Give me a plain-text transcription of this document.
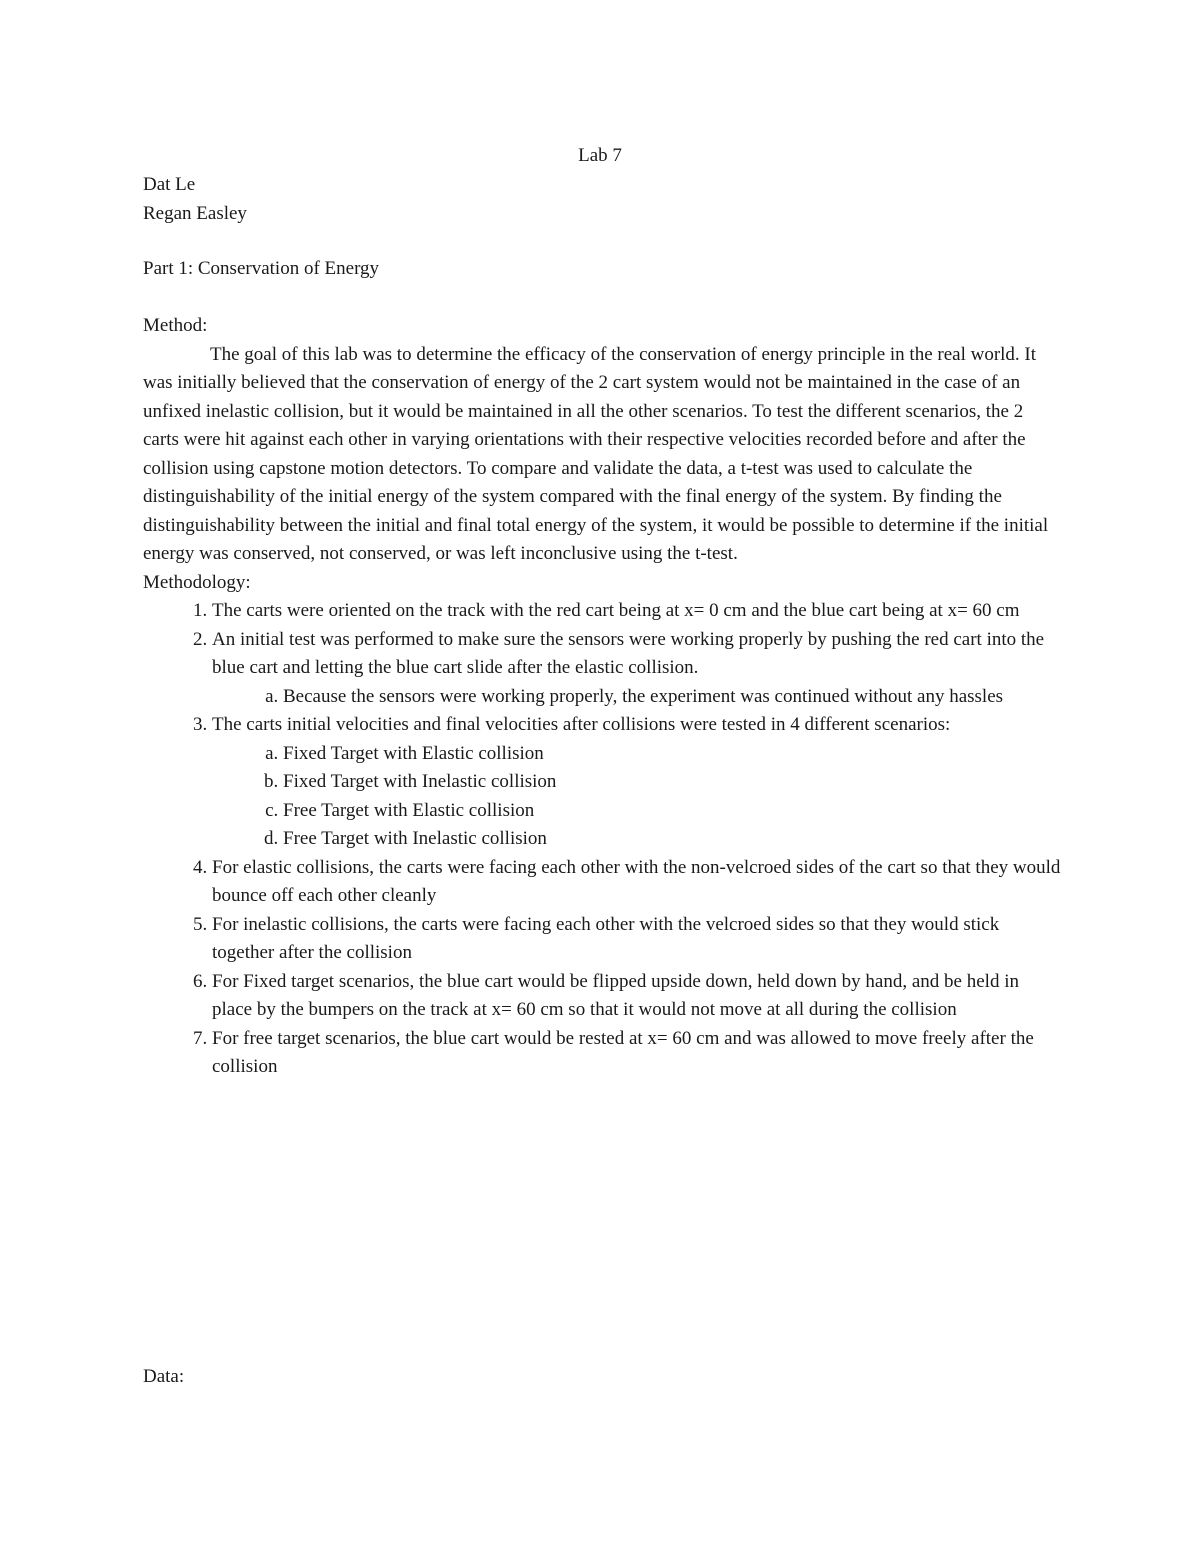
Lab 7
Dat Le
Regan Easley
Part 1: Conservation of Energy

Method:

The goal of this lab was to determine the efficacy of the conservation of energy principle in the real world. It was initially believed that the conservation of energy of the 2 cart system would not be maintained in the case of an unfixed inelastic collision, but it would be maintained in all the other scenarios. To test the different scenarios, the 2 carts were hit against each other in varying orientations with their respective velocities recorded before and after the collision using capstone motion detectors. To compare and validate the data, a t-test was used to calculate the distinguishability of the initial energy of the system compared with the final energy of the system. By finding the distinguishability between the initial and final total energy of the system, it would be possible to determine if the initial energy was conserved, not conserved, or was left inconclusive using the t-test.

Methodology:

1. The carts were oriented on the track with the red cart being at x= 0 cm and the blue cart being at x= 60 cm
2. An initial test was performed to make sure the sensors were working properly by pushing the red cart into the blue cart and letting the blue cart slide after the elastic collision.
a. Because the sensors were working properly, the experiment was continued without any hassles
3. The carts initial velocities and final velocities after collisions were tested in 4 different scenarios:
a. Fixed Target with Elastic collision
b. Fixed Target with Inelastic collision
c. Free Target with Elastic collision
d. Free Target with Inelastic collision
4. For elastic collisions, the carts were facing each other with the non-velcroed sides of the cart so that they would bounce off each other cleanly
5. For inelastic collisions, the carts were facing each other with the velcroed sides so that they would stick together after the collision
6. For Fixed target scenarios, the blue cart would be flipped upside down, held down by hand, and be held in place by the bumpers on the track at x= 60 cm so that it would not move at all during the collision
7. For free target scenarios, the blue cart would be rested at x= 60 cm and was allowed to move freely after the collision
Data:
